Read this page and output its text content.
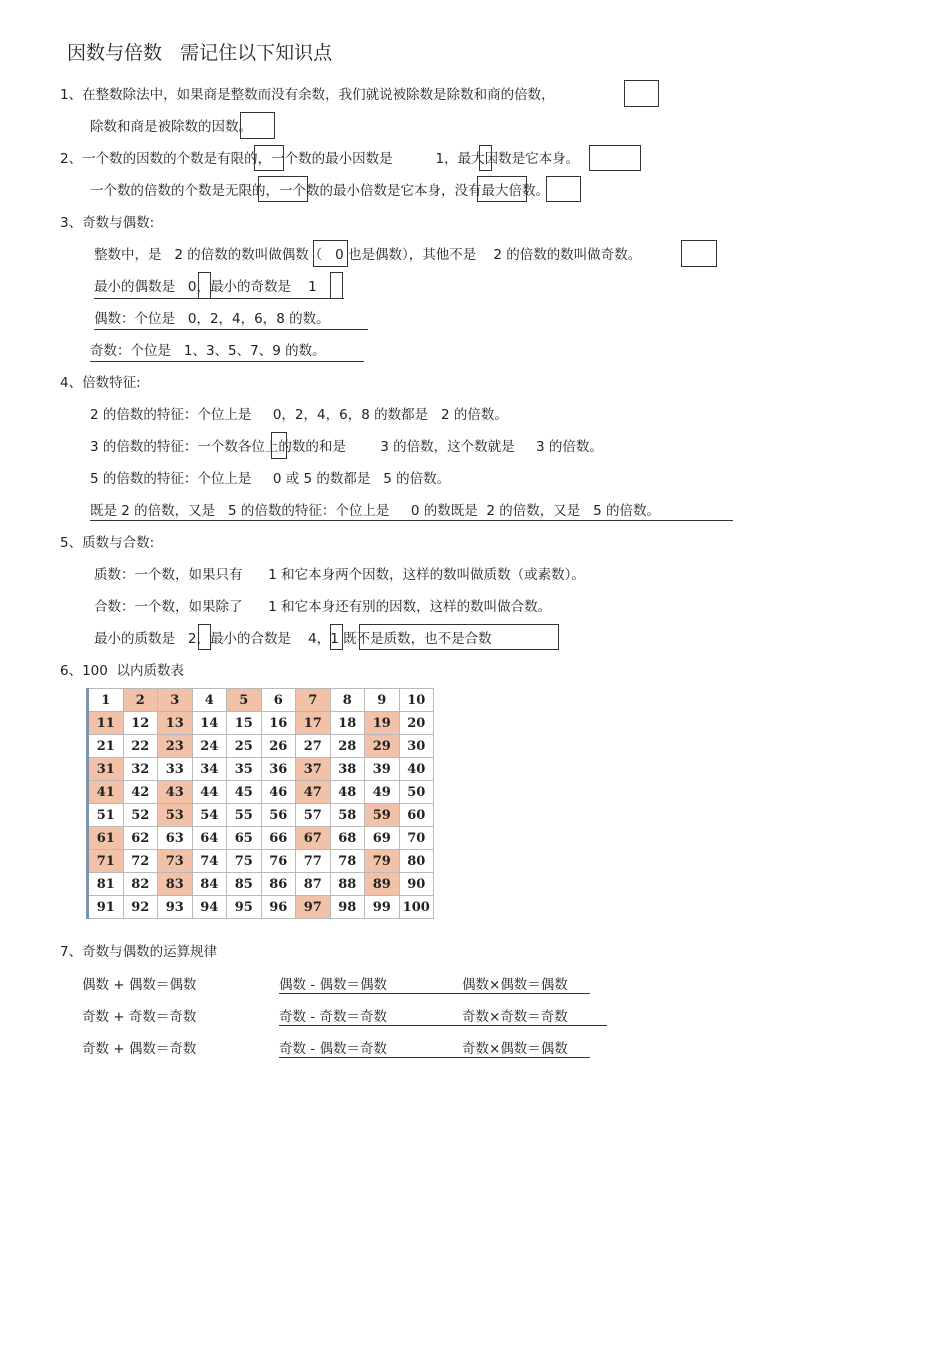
因数与倍数   需记住以下知识点
1、在整数除法中，如果商是整数而没有余数，我们就说被除数是除数和商的倍数，
除数和商是被除数的因数。
2、一个数的因数的个数是有限的，一个数的最小因数是          1，最大因数是它本身。
一个数的倍数的个数是无限的，一个数的最小倍数是它本身，没有最大倍数。
3、奇数与偶数:
整数中，是   2 的倍数的数叫做偶数（   0 也是偶数），其他不是    2 的倍数的数叫做奇数。
最小的偶数是   0，最小的奇数是    1
偶数：个位是   0，2，4，6，8 的数。
奇数：个位是   1、3、5、7、9 的数。
4、倍数特征:
2 的倍数的特征：个位上是     0，2，4，6，8 的数都是   2 的倍数。
3 的倍数的特征：一个数各位上的数的和是        3 的倍数，这个数就是     3 的倍数。
5 的倍数的特征：个位上是     0 或 5 的数都是   5 的倍数。
既是 2 的倍数，又是   5 的倍数的特征：个位上是     0 的数既是  2 的倍数，又是   5 的倍数。
5、质数与合数:
质数：一个数，如果只有      1 和它本身两个因数，这样的数叫做质数（或素数）。
合数：一个数，如果除了      1 和它本身还有别的因数，这样的数叫做合数。
最小的质数是   2，最小的合数是    4，1 既不是质数，也不是合数
6、100  以内质数表
1	2	3	4	5	6	7	8	9	10
11	12	13	14	15	16	17	18	19	20
21	22	23	24	25	26	27	28	29	30
31	32	33	34	35	36	37	38	39	40
41	42	43	44	45	46	47	48	49	50
51	52	53	54	55	56	57	58	59	60
61	62	63	64	65	66	67	68	69	70
71	72	73	74	75	76	77	78	79	80
81	82	83	84	85	86	87	88	89	90
91	92	93	94	95	96	97	98	99	100
7、奇数与偶数的运算规律
偶数 + 偶数＝偶数	偶数 - 偶数＝偶数	偶数×偶数＝偶数
奇数 + 奇数＝奇数	奇数 - 奇数＝奇数	奇数×奇数＝奇数
奇数 + 偶数＝奇数	奇数 - 偶数＝奇数	奇数×偶数＝偶数
